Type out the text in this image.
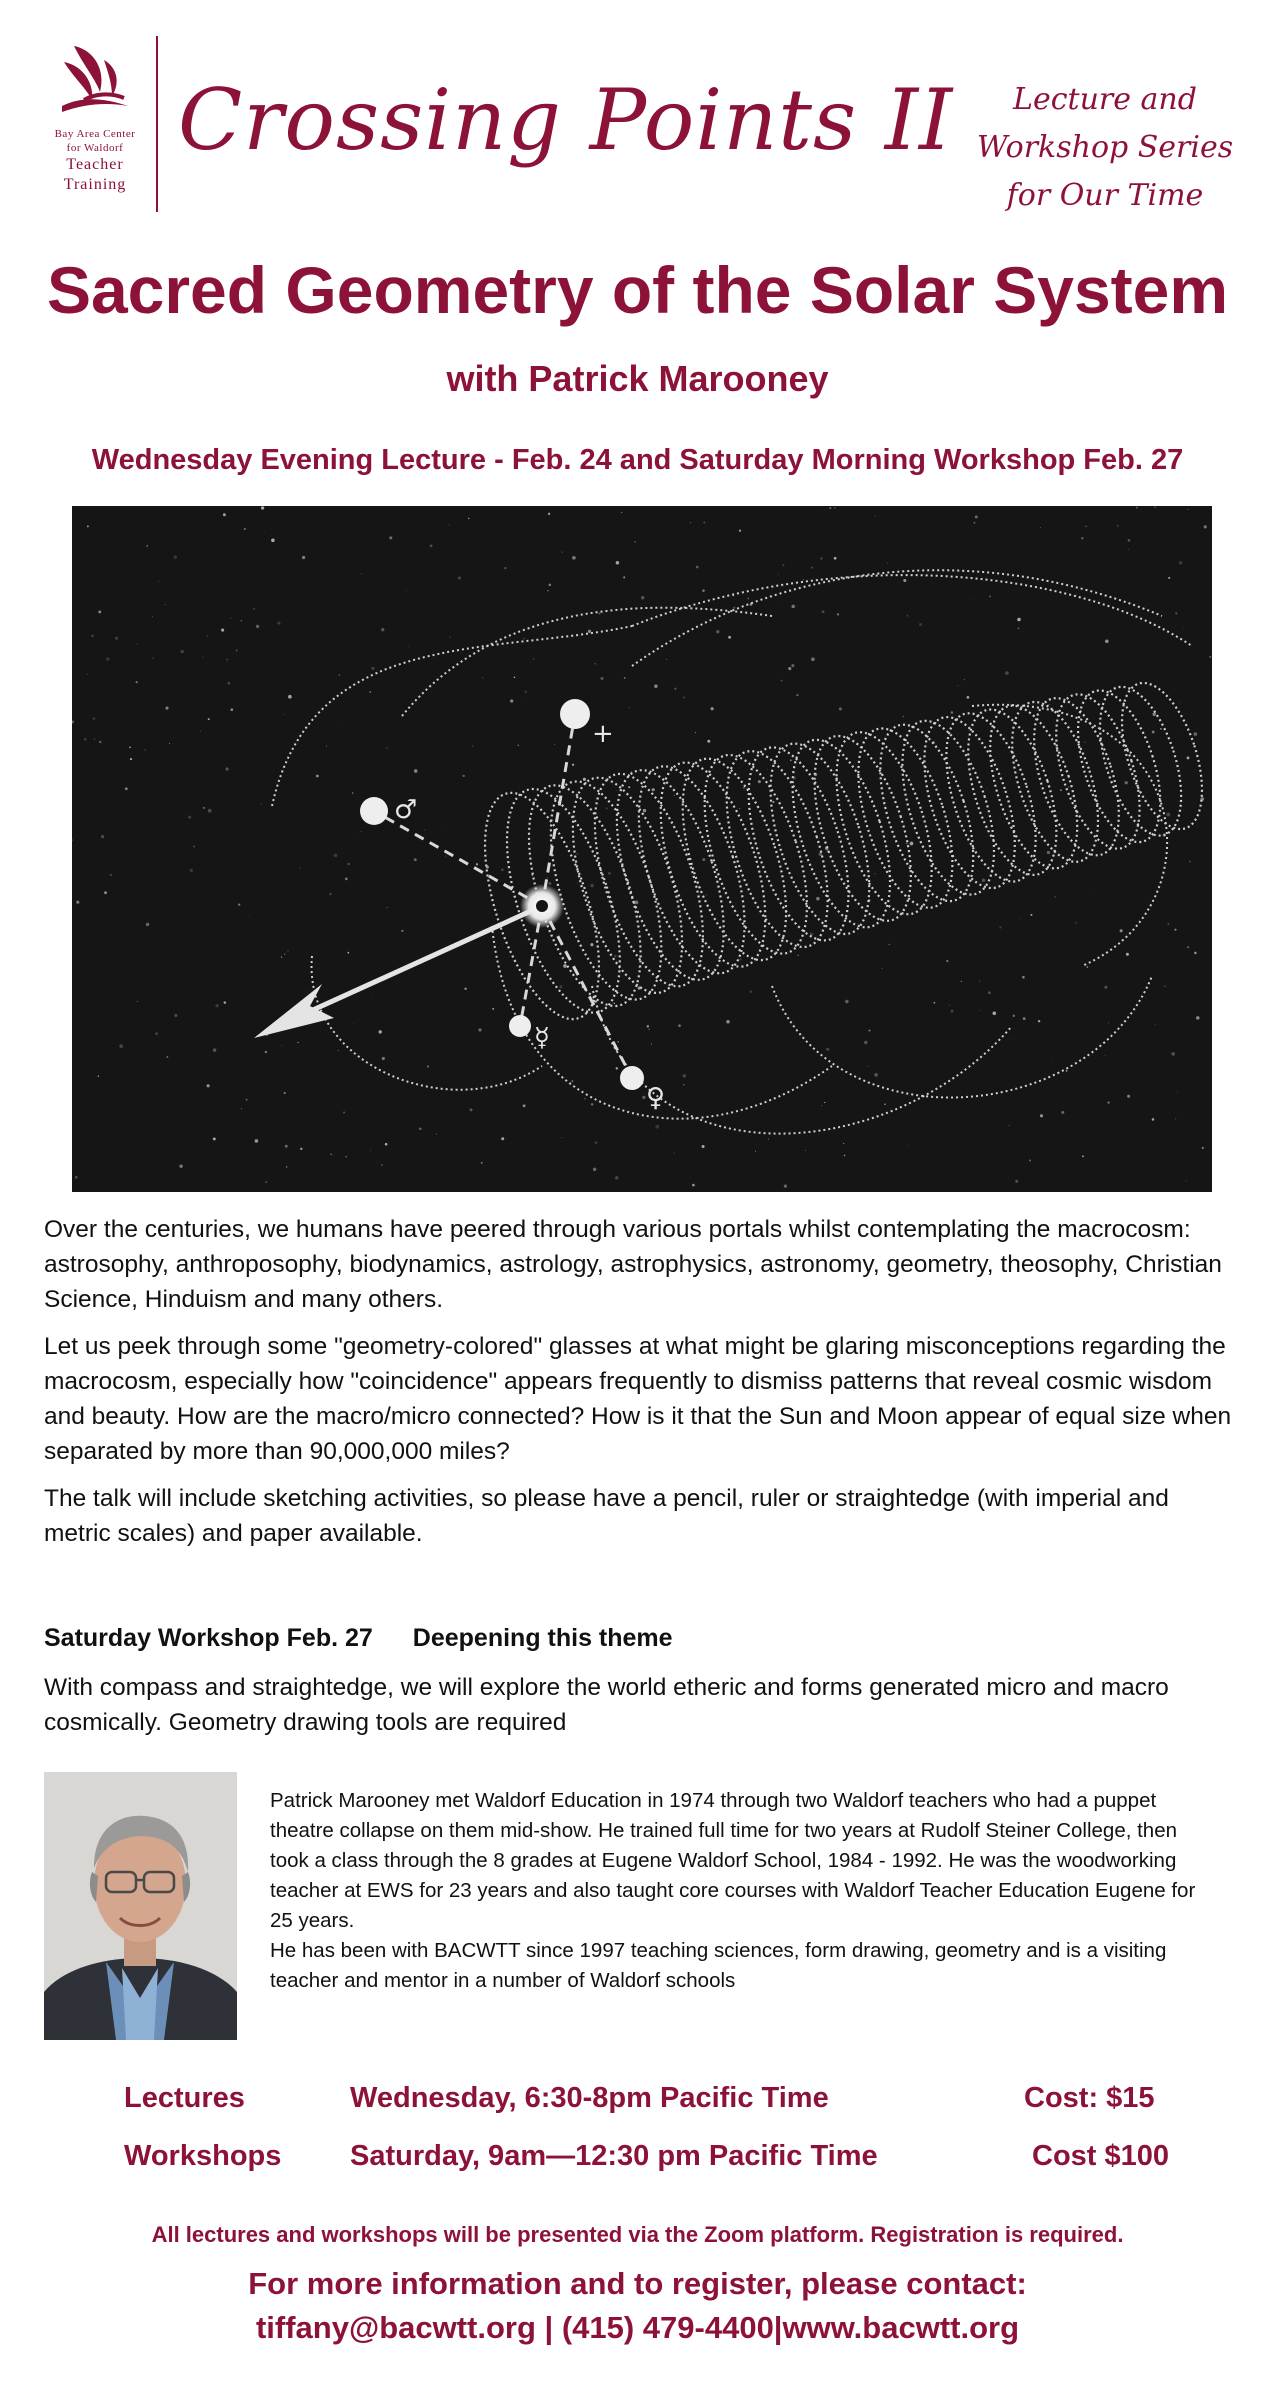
Bay Area Center
for Waldorf
Teacher
Training
Crossing Points II	Lecture and
Workshop Series
for Our Time
Sacred Geometry of the Solar System
with Patrick Marooney
Wednesday Evening Lecture - Feb. 24 and Saturday Morning Workshop Feb. 27
+
♂
☿
♀

Over the centuries, we humans have peered through various portals whilst contemplating the macrocosm: astrosophy, anthroposophy, biodynamics, astrology, astrophysics, astronomy, geometry, theosophy, Christian Science, Hinduism and many others.

Let us peek through some "geometry-colored" glasses at what might be glaring misconceptions regarding the macrocosm, especially how "coincidence" appears frequently to dismiss patterns that reveal cosmic wisdom and beauty. How are the macro/micro connected? How is it that the Sun and Moon appear of equal size when separated by more than 90,000,000 miles?

The talk will include sketching activities, so please have a pencil, ruler or straightedge (with imperial and metric scales) and paper available.

Saturday Workshop Feb. 27 Deepening this theme

With compass and straightedge, we will explore the world etheric and forms generated micro and macro cosmically. Geometry drawing tools are required

Patrick Marooney met Waldorf Education in 1974 through two Waldorf teachers who had a puppet theatre collapse on them mid-show. He trained full time for two years at Rudolf Steiner College, then took a class through the 8 grades at Eugene Waldorf School, 1984 - 1992. He was the woodworking teacher at EWS for 23 years and also taught core courses with Waldorf Teacher Education Eugene for 25 years.

He has been with BACWTT since 1997 teaching sciences, form drawing, geometry and is a visiting teacher and mentor in a number of Waldorf schools

Lectures	Wednesday, 6:30-8pm Pacific Time	Cost: $15
Workshops Saturday, 9am—12:30 pm Pacific Time	Cost $100
All lectures and workshops will be presented via the Zoom platform. Registration is required.
For more information and to register, please contact:
tiffany@bacwtt.org | (415) 479-4400|www.bacwtt.org
